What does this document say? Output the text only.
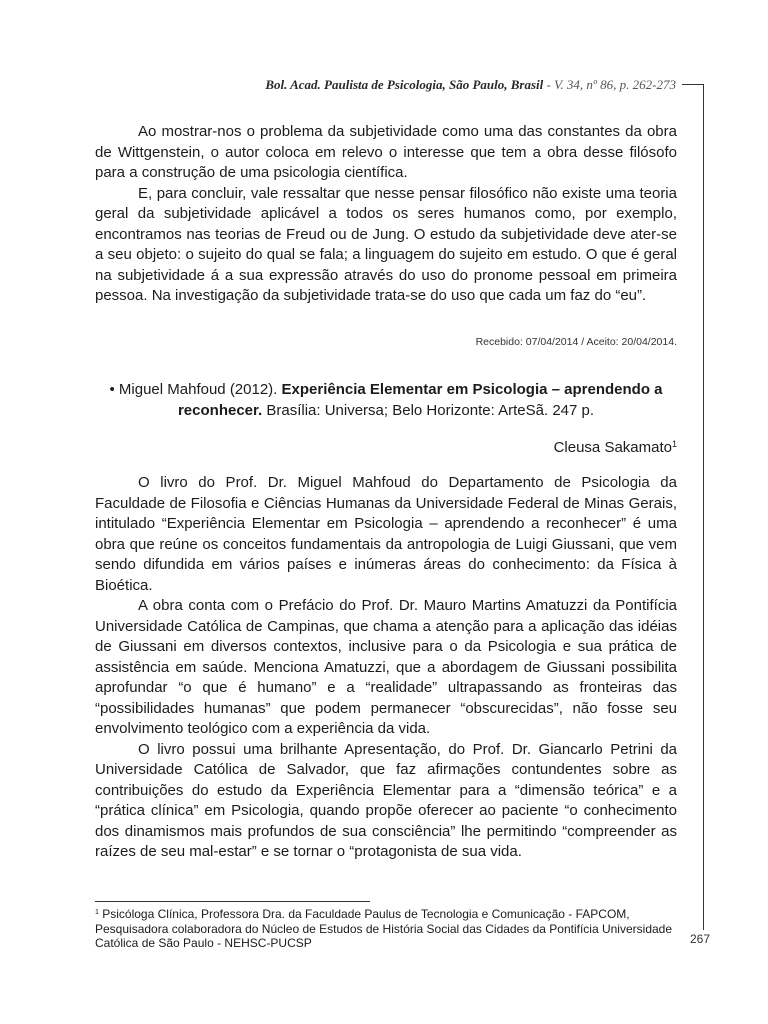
Bol. Acad. Paulista de Psicologia, São Paulo, Brasil - V. 34, nº 86, p. 262-273

Ao mostrar-nos o problema da subjetividade como uma das constantes da obra de Wittgenstein, o autor coloca em relevo o interesse que tem a obra desse filósofo para a construção de uma psicologia científica.

E, para concluir, vale ressaltar que nesse pensar filosófico não existe uma teoria geral da subjetividade aplicável a todos os seres humanos como, por exemplo, encontramos nas teorias de Freud ou de Jung. O estudo da subjetividade deve ater-se a seu objeto: o sujeito do qual se fala; a linguagem do sujeito em estudo. O que é geral na subjetividade á a sua expressão através do uso do pronome pessoal em primeira pessoa. Na investigação da subjetividade trata-se do uso que cada um faz do “eu”.

Recebido: 07/04/2014 / Aceito: 20/04/2014.
• Miguel Mahfoud (2012). Experiência Elementar em Psicologia – aprendendo a reconhecer. Brasília: Universa; Belo Horizonte: ArteSã. 247 p.
Cleusa Sakamato$^1$

O livro do Prof. Dr. Miguel Mahfoud do Departamento de Psicologia da Faculdade de Filosofia e Ciências Humanas da Universidade Federal de Minas Gerais, intitulado “Experiência Elementar em Psicologia – aprendendo a reconhecer” é uma obra que reúne os conceitos fundamentais da antropologia de Luigi Giussani, que vem sendo difundida em vários países e inúmeras áreas do conhecimento: da Física à Bioética.

A obra conta com o Prefácio do Prof. Dr. Mauro Martins Amatuzzi da Pontifícia Universidade Católica de Campinas, que chama a atenção para a aplicação das idéias de Giussani em diversos contextos, inclusive para o da Psicologia e sua prática de assistência em saúde. Menciona Amatuzzi, que a abordagem de Giussani possibilita aprofundar “o que é humano” e a “realidade” ultrapassando as fronteiras das “possibilidades humanas” que podem permanecer “obscurecidas”, não fosse seu envolvimento teológico com a experiência da vida.

O livro possui uma brilhante Apresentação, do Prof. Dr. Giancarlo Petrini da Universidade Católica de Salvador, que faz afirmações contundentes sobre as contribuições do estudo da Experiência Elementar para a “dimensão teórica” e a “prática clínica” em Psicologia, quando propõe oferecer ao paciente “o conhecimento dos dinamismos mais profundos de sua consciência” lhe permitindo “compreender as raízes de seu mal-estar” e se tornar o “protagonista de sua vida.

$^1$ Psicóloga Clínica, Professora Dra. da Faculdade Paulus de Tecnologia e Comunicação - FAPCOM, Pesquisadora colaboradora do Núcleo de Estudos de História Social das Cidades da Pontifícia Universidade Católica de São Paulo - NEHSC-PUCSP	267
